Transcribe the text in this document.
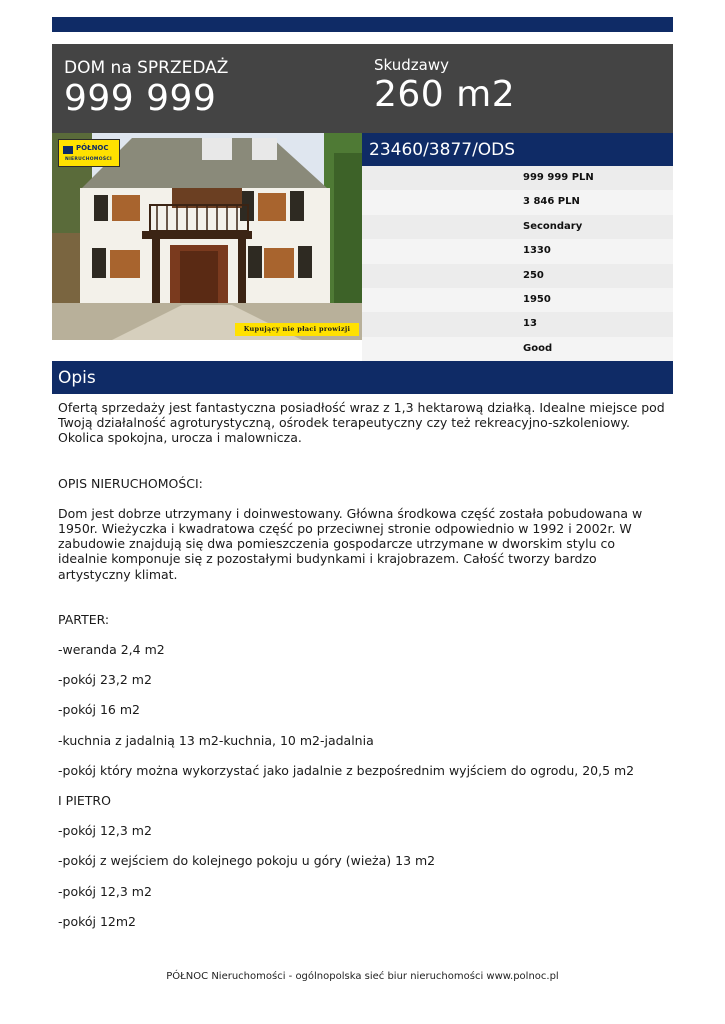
DOM na SPRZEDAŻ
999 999
Skudzawy
260 m2
PÓŁNOC
NIERUCHOMOŚCI
Kupujący nie płaci prowizji
23460/3877/ODS
999 999 PLN
3 846 PLN
Secondary
1330
250
1950
13
Good
Opis

Ofertą sprzedaży jest fantastyczna posiadłość wraz z 1,3 hektarową działką. Idealne miejsce pod Twoją działalność agroturystyczną, ośrodek terapeutyczny czy też rekreacyjno-szkoleniowy. Okolica spokojna, urocza i malownicza.

OPIS NIERUCHOMOŚCI:

Dom jest dobrze utrzymany i doinwestowany. Główna środkowa część została pobudowana w 1950r. Wieżyczka i kwadratowa część po przeciwnej stronie odpowiednio w 1992 i 2002r. W zabudowie znajdują się dwa pomieszczenia gospodarcze utrzymane w dworskim stylu co idealnie komponuje się z pozostałymi budynkami i krajobrazem. Całość tworzy bardzo artystyczny klimat.

PARTER:

-weranda 2,4 m2

-pokój 23,2 m2

-pokój 16 m2

-kuchnia z jadalnią 13 m2-kuchnia, 10 m2-jadalnia

-pokój który można wykorzystać jako jadalnie z bezpośrednim wyjściem do ogrodu, 20,5 m2

I PIETRO

-pokój 12,3 m2

-pokój z wejściem do kolejnego pokoju u góry (wieża) 13 m2

-pokój 12,3 m2

-pokój 12m2

PÓŁNOC Nieruchomości - ogólnopolska sieć biur nieruchomości www.polnoc.pl
